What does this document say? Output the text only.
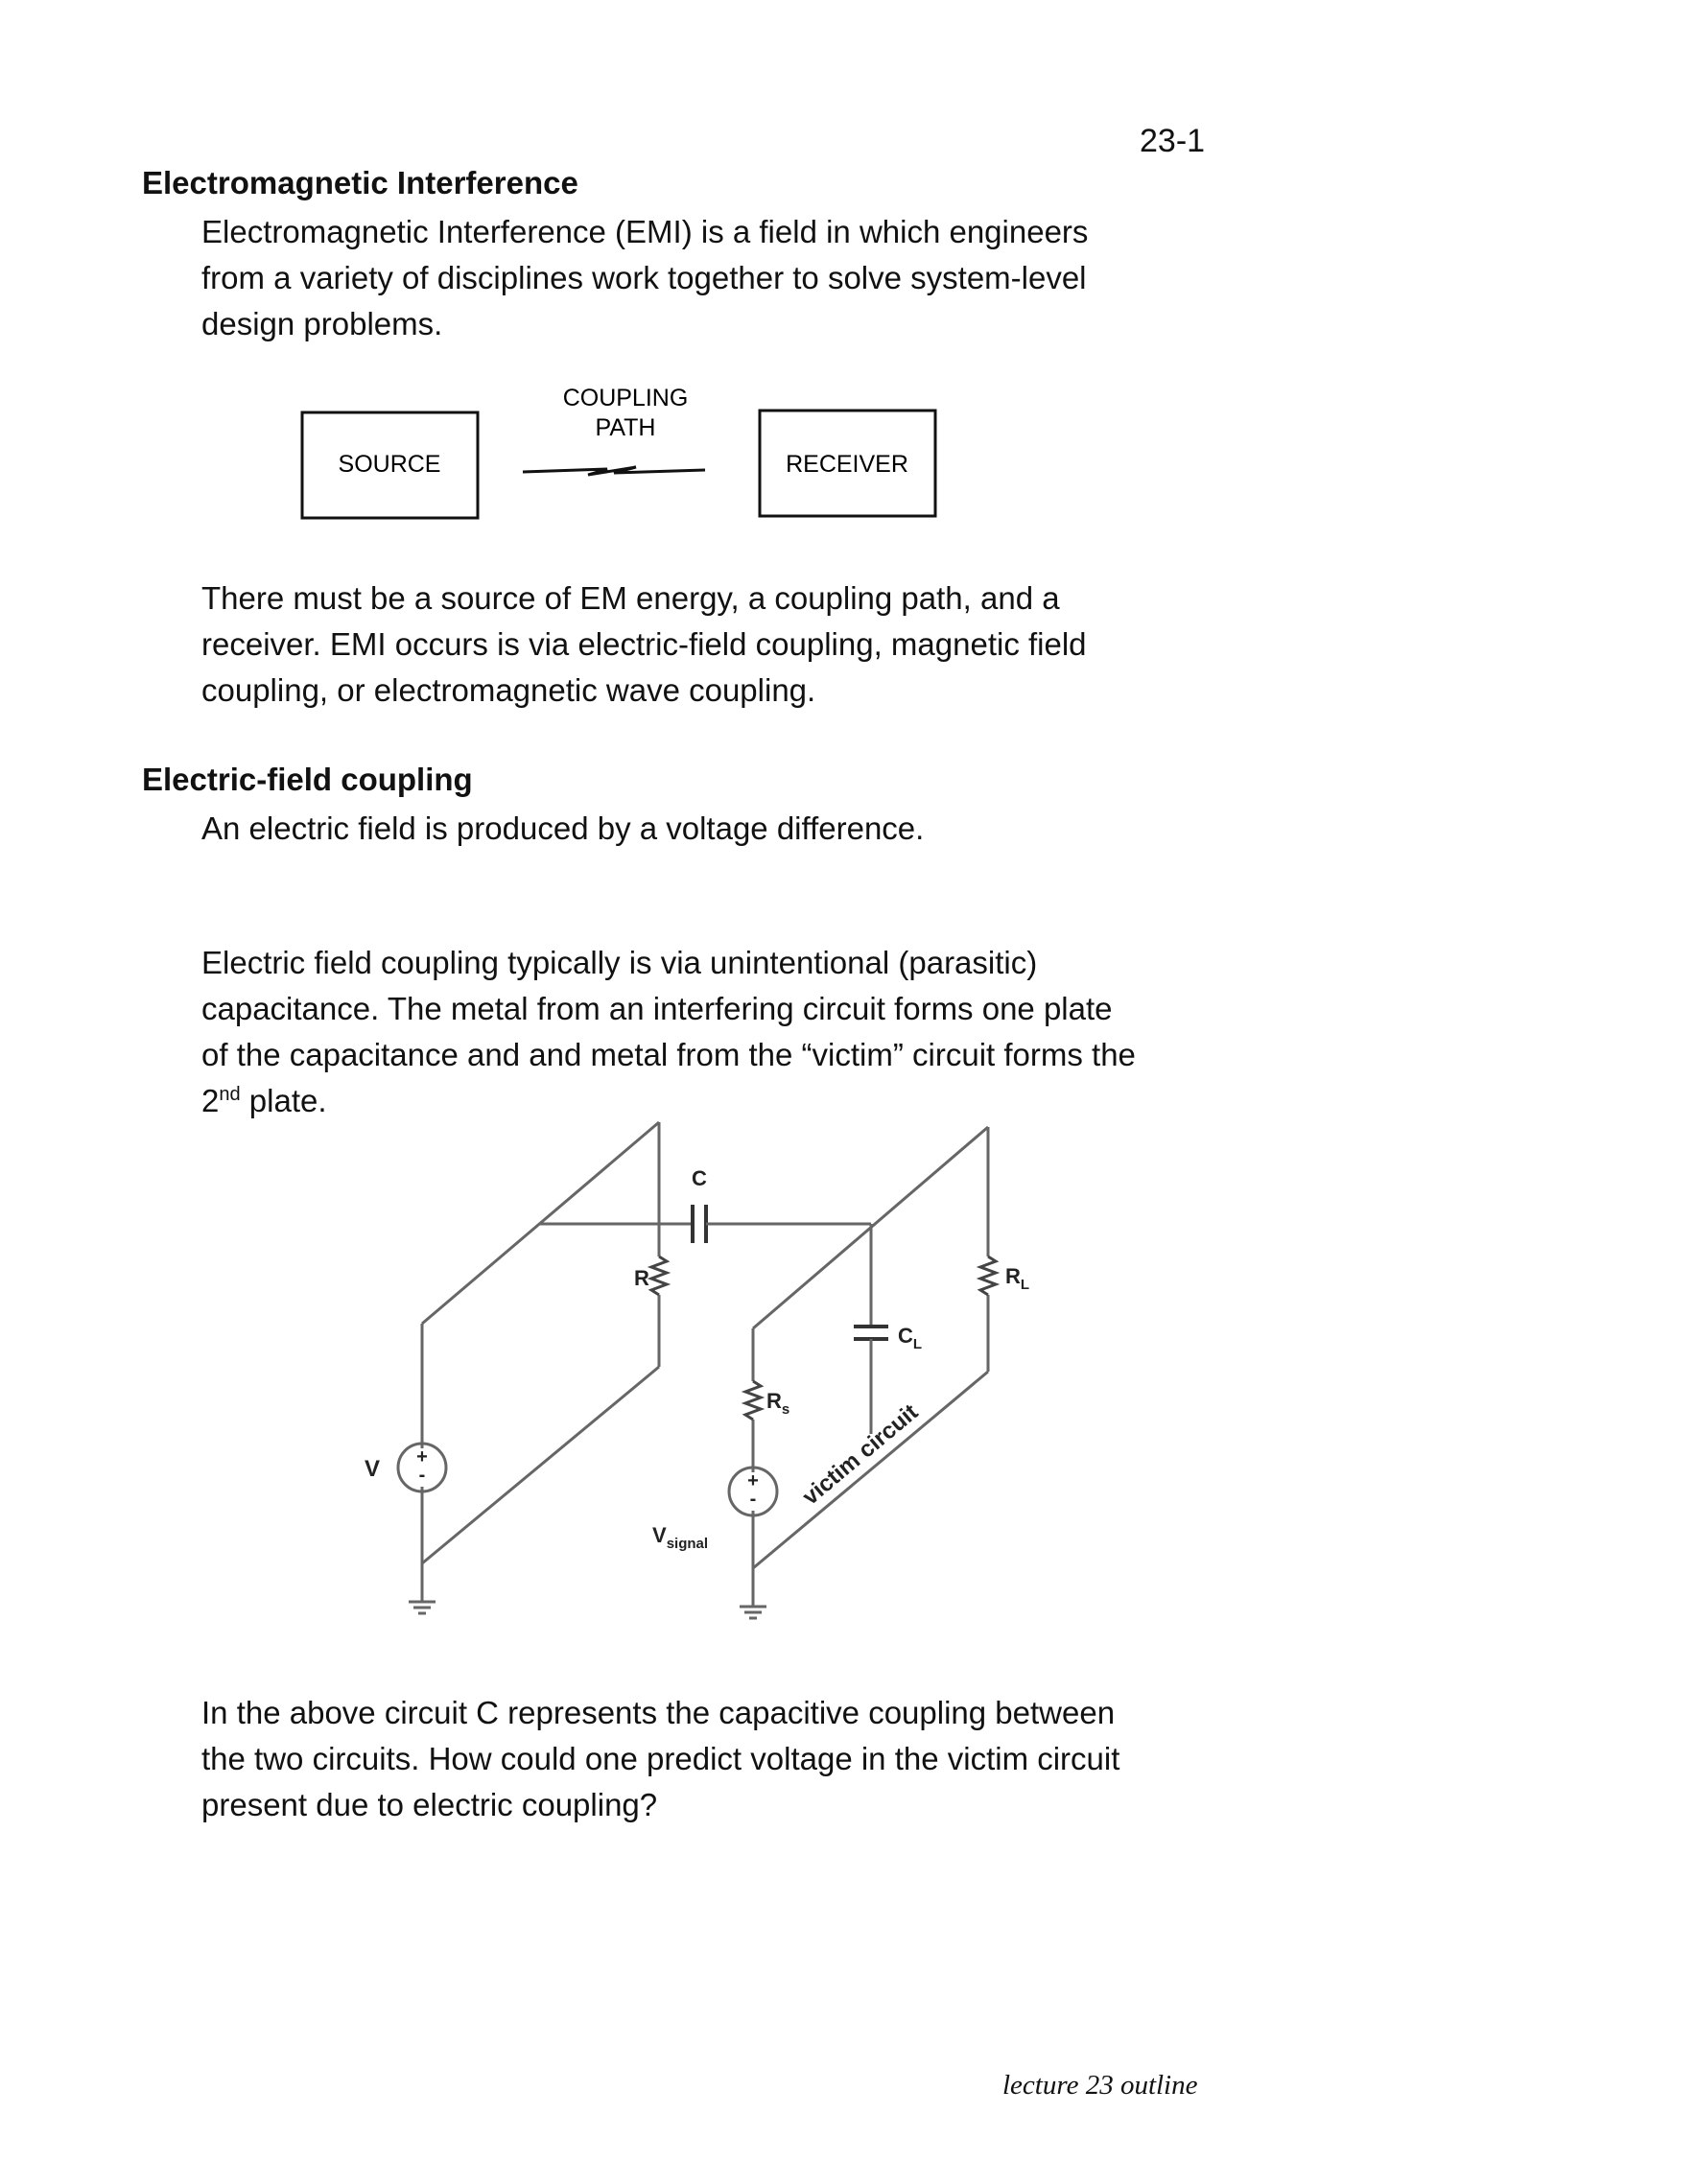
23-1
Electromagnetic Interference
Electromagnetic Interference (EMI) is a field in which engineers
from a variety of disciplines work together to solve system-level
design problems.
SOURCE
COUPLING
PATH
RECEIVER
There must be a source of EM energy, a coupling path, and a
receiver. EMI occurs is via electric-field coupling, magnetic field
coupling, or electromagnetic wave coupling.
Electric-field coupling
An electric field is produced by a voltage difference.
Electric field coupling typically is via unintentional (parasitic)
capacitance. The metal from an interfering circuit forms one plate
of the capacitance and and metal from the “victim” circuit forms the
2nd plate.
C
R	$R_L$
$C_L$
$R_s$
V
$V_{signal}$
+
-	+
- victim circuit
In the above circuit C represents the capacitive coupling between
the two circuits. How could one predict voltage in the victim circuit
present due to electric coupling?
lecture 23 outline
